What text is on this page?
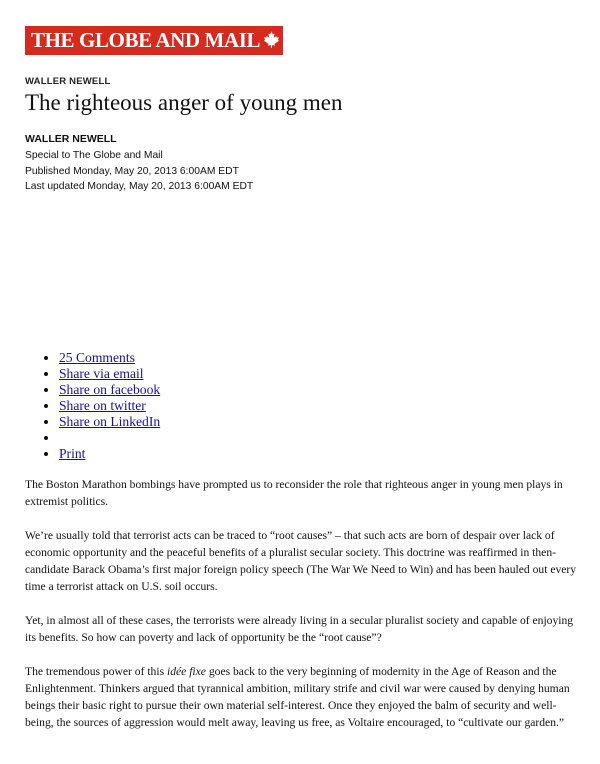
THE GLOBE AND MAIL
WALLER NEWELL
The righteous anger of young men
WALLER NEWELL
Special to The Globe and Mail
Published Monday, May 20, 2013 6:00AM EDT
Last updated Monday, May 20, 2013 6:00AM EDT
• 25 Comments
• Share via email
• Share on facebook
• Share on twitter
• Share on LinkedIn
•
• Print

The Boston Marathon bombings have prompted us to reconsider the role that righteous anger in young men plays in extremist politics.

We’re usually told that terrorist acts can be traced to “root causes” – that such acts are born of despair over lack of economic opportunity and the peaceful benefits of a pluralist secular society. This doctrine was reaffirmed in then-candidate Barack Obama’s first major foreign policy speech (The War We Need to Win) and has been hauled out every time a terrorist attack on U.S. soil occurs.

Yet, in almost all of these cases, the terrorists were already living in a secular pluralist society and capable of enjoying its benefits. So how can poverty and lack of opportunity be the “root cause”?

The tremendous power of this idée fixe goes back to the very beginning of modernity in the Age of Reason and the Enlightenment. Thinkers argued that tyrannical ambition, military strife and civil war were caused by denying human beings their basic right to pursue their own material self-interest. Once they enjoyed the balm of security and well-being, the sources of aggression would melt away, leaving us free, as Voltaire encouraged, to “cultivate our garden.”
